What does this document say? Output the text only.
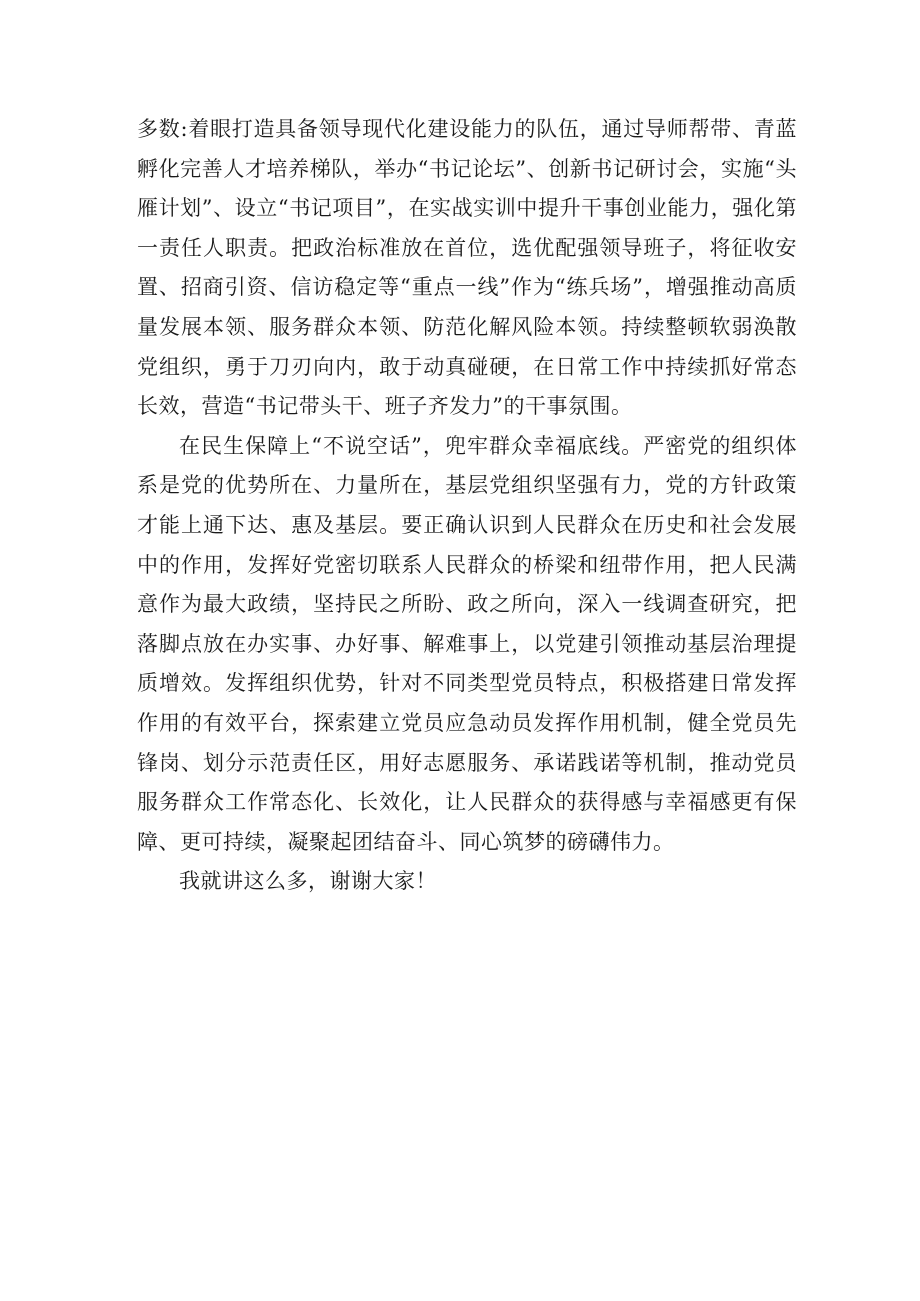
多数:着眼打造具备领导现代化建设能力的队伍，通过导师帮带、青蓝孵化完善人才培养梯队，举办“书记论坛”、创新书记研讨会，实施“头雁计划”、设立“书记项目”，在实战实训中提升干事创业能力，强化第一责任人职责。把政治标准放在首位，选优配强领导班子，将征收安置、招商引资、信访稳定等“重点一线”作为“练兵场”，增强推动高质量发展本领、服务群众本领、防范化解风险本领。持续整顿软弱涣散党组织，勇于刀刃向内，敢于动真碰硬，在日常工作中持续抓好常态长效，营造“书记带头干、班子齐发力”的干事氛围。

在民生保障上“不说空话”，兜牢群众幸福底线。严密党的组织体系是党的优势所在、力量所在，基层党组织坚强有力，党的方针政策才能上通下达、惠及基层。要正确认识到人民群众在历史和社会发展中的作用，发挥好党密切联系人民群众的桥梁和纽带作用，把人民满意作为最大政绩，坚持民之所盼、政之所向，深入一线调查研究，把落脚点放在办实事、办好事、解难事上，以党建引领推动基层治理提质增效。发挥组织优势，针对不同类型党员特点，积极搭建日常发挥作用的有效平台，探索建立党员应急动员发挥作用机制，健全党员先锋岗、划分示范责任区，用好志愿服务、承诺践诺等机制，推动党员服务群众工作常态化、长效化，让人民群众的获得感与幸福感更有保障、更可持续，凝聚起团结奋斗、同心筑梦的磅礴伟力。

我就讲这么多，谢谢大家！
